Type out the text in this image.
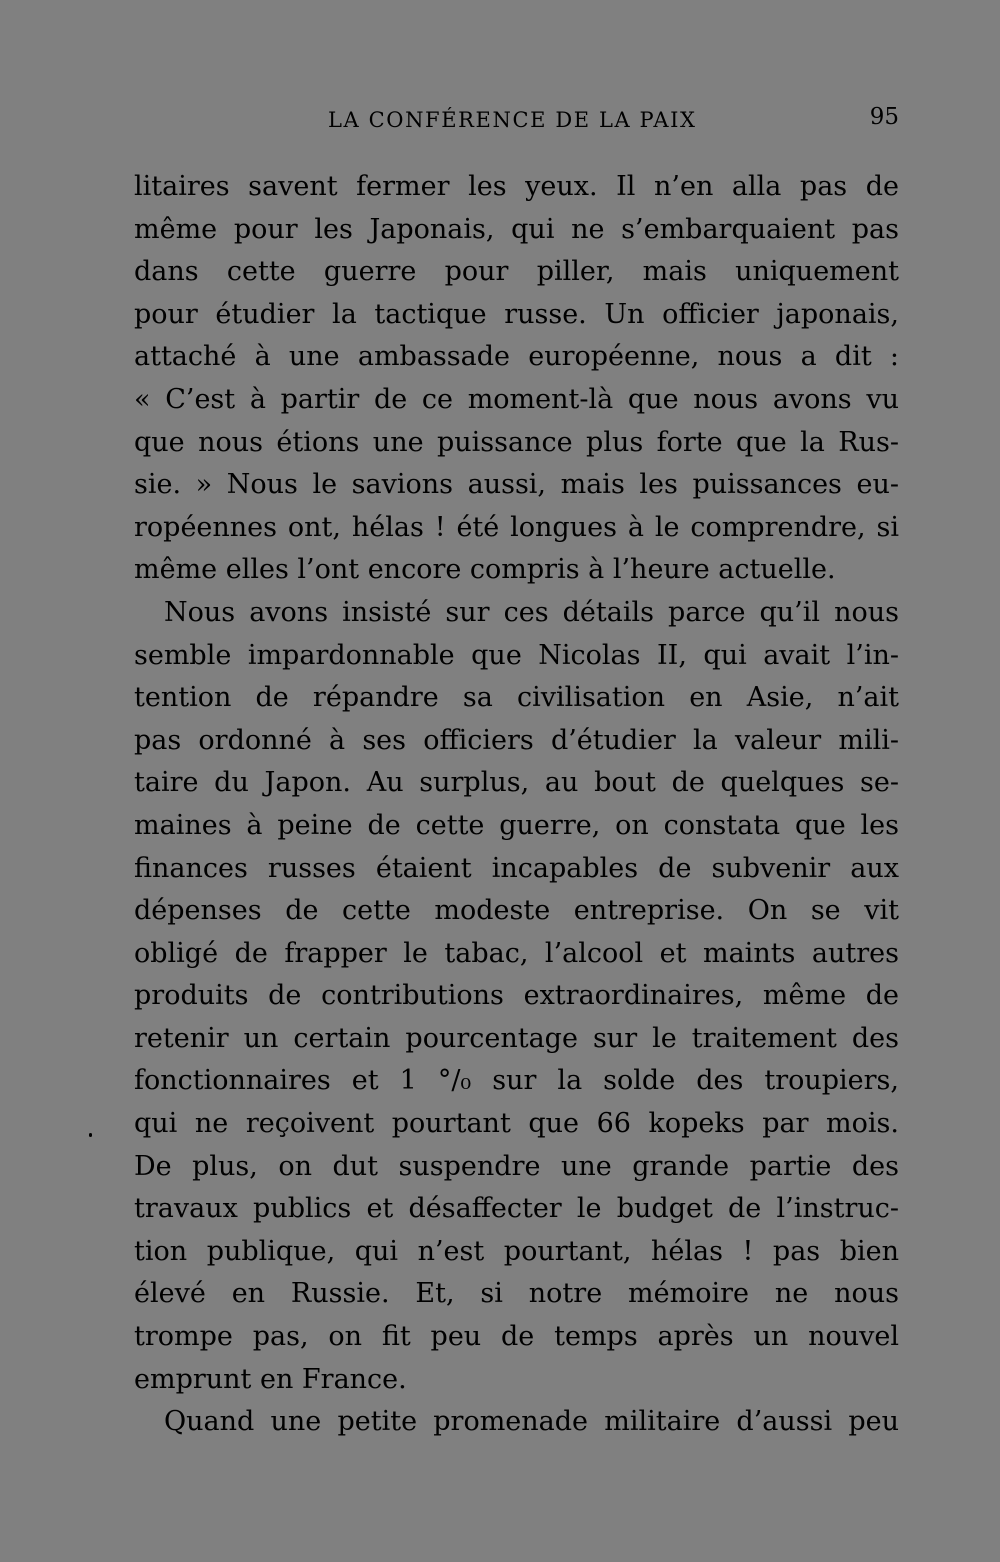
LA CONFÉRENCE DE LA PAIX	95
litaires savent fermer les yeux. Il n’en alla pas de
même pour les Japonais, qui ne s’embarquaient pas
dans cette guerre pour piller, mais uniquement
pour étudier la tactique russe. Un officier japonais,
attaché à une ambassade européenne, nous a dit :
« C’est à partir de ce moment-là que nous avons vu
que nous étions une puissance plus forte que la Rus-
sie. » Nous le savions aussi, mais les puissances eu-
ropéennes ont, hélas ! été longues à le comprendre, si
même elles l’ont encore compris à l’heure actuelle.
Nous avons insisté sur ces détails parce qu’il nous
semble impardonnable que Nicolas II, qui avait l’in-
tention de répandre sa civilisation en Asie, n’ait
pas ordonné à ses officiers d’étudier la valeur mili-
taire du Japon. Au surplus, au bout de quelques se-
maines à peine de cette guerre, on constata que les
finances russes étaient incapables de subvenir aux
dépenses de cette modeste entreprise. On se vit
obligé de frapper le tabac, l’alcool et maints autres
produits de contributions extraordinaires, même de
retenir un certain pourcentage sur le traitement des
fonctionnaires et 1 °/₀ sur la solde des troupiers,
qui ne reçoivent pourtant que 66 kopeks par mois.
De plus, on dut suspendre une grande partie des
travaux publics et désaffecter le budget de l’instruc-
tion publique, qui n’est pourtant, hélas ! pas bien
élevé en Russie. Et, si notre mémoire ne nous
trompe pas, on fit peu de temps après un nouvel
emprunt en France.
Quand une petite promenade militaire d’aussi peu
